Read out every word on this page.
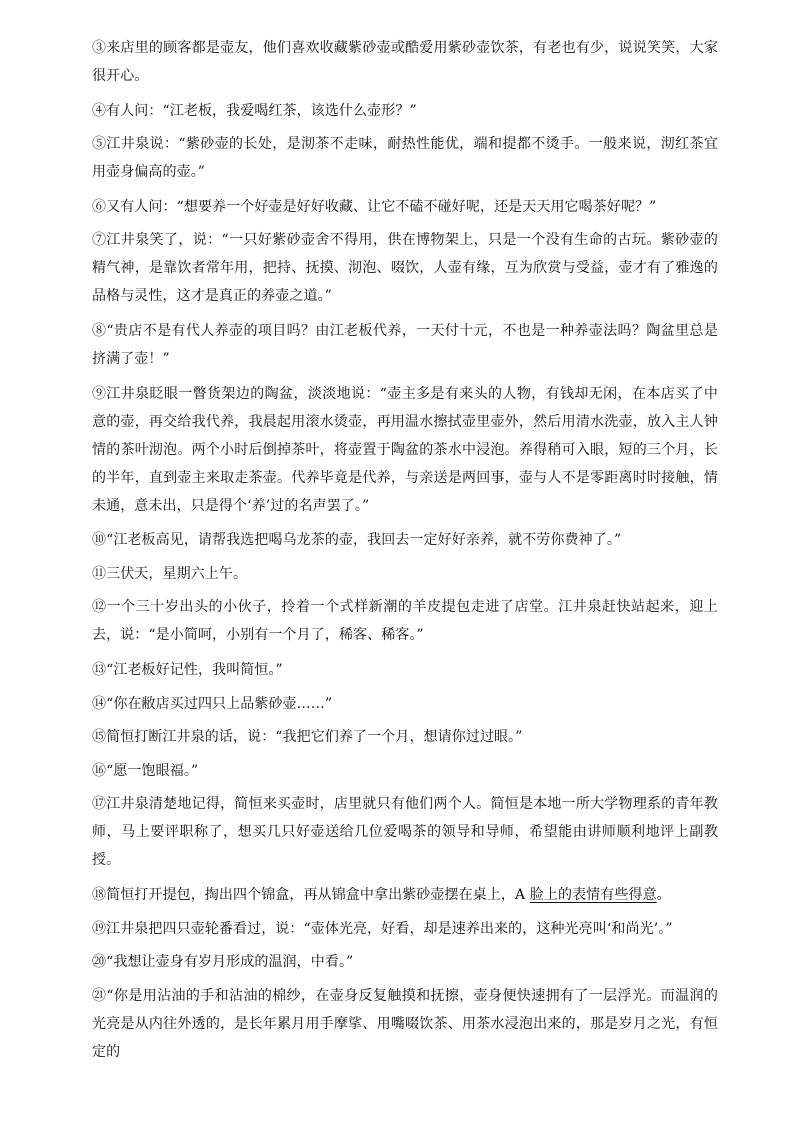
③来店里的顾客都是壶友，他们喜欢收藏紫砂壶或酷爱用紫砂壶饮茶，有老也有少，说说笑笑，大家很开心。

④有人问：“江老板，我爱喝红茶，该选什么壶形？”

⑤江井泉说：“紫砂壶的长处，是沏茶不走味，耐热性能优，端和提都不烫手。一般来说，沏红茶宜用壶身偏高的壶。”

⑥又有人问：“想要养一个好壶是好好收藏、让它不磕不碰好呢，还是天天用它喝茶好呢？”

⑦江井泉笑了，说：“一只好紫砂壶舍不得用，供在博物架上，只是一个没有生命的古玩。紫砂壶的精气神，是靠饮者常年用，把持、抚摸、沏泡、啜饮，人壶有缘，互为欣赏与受益，壶才有了雅逸的品格与灵性，这才是真正的养壶之道。”

⑧“贵店不是有代人养壶的项目吗？由江老板代养，一天付十元，不也是一种养壶法吗？陶盆里总是挤满了壶！”

⑨江井泉眨眼一瞥货架边的陶盆，淡淡地说：“壶主多是有来头的人物，有钱却无闲，在本店买了中意的壶，再交给我代养，我晨起用滚水烫壶，再用温水擦拭壶里壶外，然后用清水洗壶，放入主人钟情的茶叶沏泡。两个小时后倒掉茶叶，将壶置于陶盆的茶水中浸泡。养得稍可入眼，短的三个月，长的半年，直到壶主来取走茶壶。代养毕竟是代养，与亲送是两回事，壶与人不是零距离时时接触，情未通，意未出，只是得个‘养’过的名声罢了。”

⑩“江老板高见，请帮我选把喝乌龙茶的壶，我回去一定好好亲养，就不劳你费神了。”

⑪三伏天，星期六上午。

⑫一个三十岁出头的小伙子，拎着一个式样新潮的羊皮提包走进了店堂。江井泉赶快站起来，迎上去，说：“是小简呵，小别有一个月了，稀客、稀客。”

⑬“江老板好记性，我叫简恒。”

⑭“你在敝店买过四只上品紫砂壶……”

⑮简恒打断江井泉的话，说：“我把它们养了一个月，想请你过过眼。”

⑯“愿一饱眼福。”

⑰江井泉清楚地记得，简恒来买壶时，店里就只有他们两个人。简恒是本地一所大学物理系的青年教师，马上要评职称了，想买几只好壶送给几位爱喝茶的领导和导师，希望能由讲师顺利地评上副教授。

⑱简恒打开提包，掏出四个锦盒，再从锦盒中拿出紫砂壶摆在桌上，A 脸上的表情有些得意。

⑲江井泉把四只壶轮番看过，说：“壶体光亮，好看，却是速养出来的，这种光亮叫‘和尚光’。”

⑳“我想让壶身有岁月形成的温润，中看。”

㉑“你是用沾油的手和沾油的棉纱，在壶身反复触摸和抚擦，壶身便快速拥有了一层浮光。而温润的光亮是从内往外透的，是长年累月用手摩挲、用嘴啜饮茶、用茶水浸泡出来的，那是岁月之光，有恒定的
